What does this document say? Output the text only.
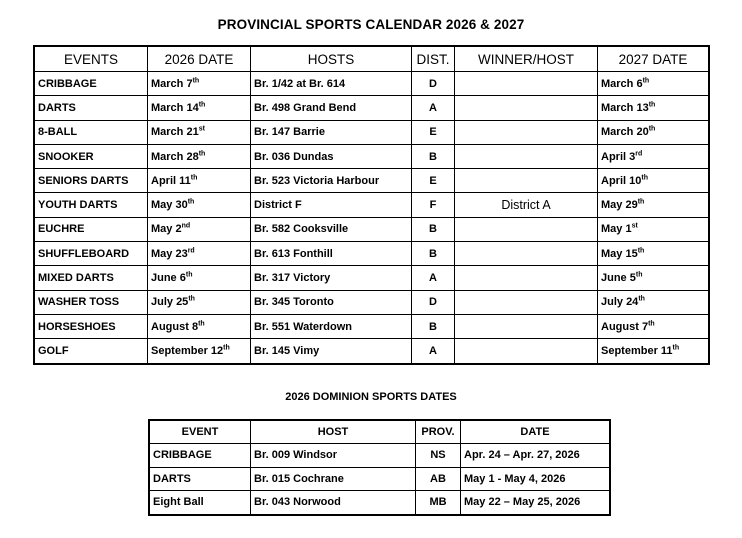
PROVINCIAL SPORTS CALENDAR 2026 & 2027
EVENTS	2026 DATE	HOSTS	DIST.	WINNER/HOST	2027 DATE
CRIBBAGE	March 7th	Br. 1/42 at Br. 614	D		March 6th
DARTS	March 14th	Br. 498 Grand Bend	A		March 13th
8-BALL	March 21st	Br. 147 Barrie	E		March 20th
SNOOKER	March 28th	Br. 036 Dundas	B		April 3rd
SENIORS DARTS	April 11th	Br. 523 Victoria Harbour	E		April 10th
YOUTH DARTS	May 30th	District F	F	District A	May 29th
EUCHRE	May 2nd	Br. 582 Cooksville	B		May 1st
SHUFFLEBOARD	May 23rd	Br. 613 Fonthill	B		May 15th
MIXED DARTS	June 6th	Br. 317 Victory	A		June 5th
WASHER TOSS	July 25th	Br. 345 Toronto	D		July 24th
HORSESHOES	August 8th	Br. 551 Waterdown	B		August 7th
GOLF	September 12th	Br. 145 Vimy	A		September 11th
2026 DOMINION SPORTS DATES
EVENT	HOST	PROV.	DATE
CRIBBAGE	Br. 009 Windsor	NS	Apr. 24 – Apr. 27, 2026
DARTS	Br. 015 Cochrane	AB	May 1 - May 4, 2026
Eight Ball	Br. 043 Norwood	MB	May 22 – May 25, 2026
